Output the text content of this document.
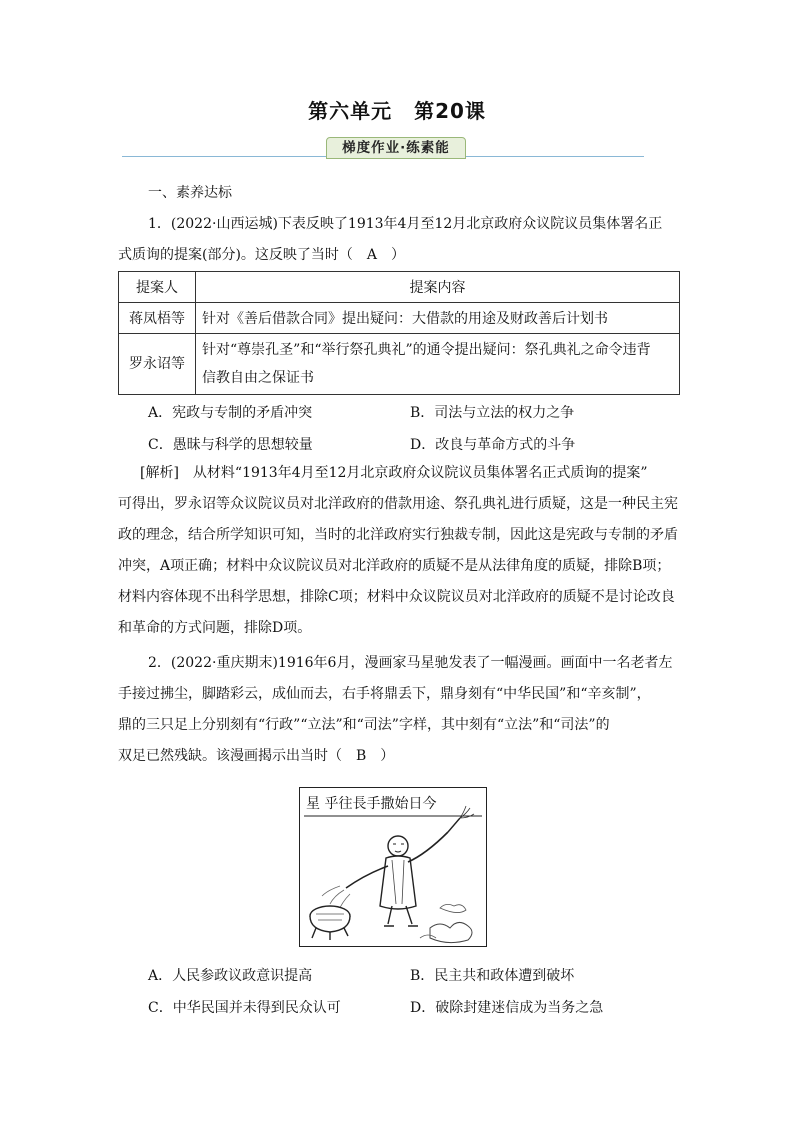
第六单元 第20课
梯度作业·练素能

一、素养达标

1．(2022·山西运城)下表反映了1913年4月至12月北京政府众议院议员集体署名正

式质询的提案(部分)。这反映了当时（　A　）

提案人	提案内容
蒋凤梧等	针对《善后借款合同》提出疑问：大借款的用途及财政善后计划书
罗永诏等	针对“尊崇孔圣”和“举行祭孔典礼”的通令提出疑问：祭孔典礼之命令违背
信教自由之保证书
A．宪政与专制的矛盾冲突	B．司法与立法的权力之争
C．愚昧与科学的思想较量	D．改良与革命方式的斗争

[解析]　从材料“1913年4月至12月北京政府众议院议员集体署名正式质询的提案”

可得出，罗永诏等众议院议员对北洋政府的借款用途、祭孔典礼进行质疑，这是一种民主宪

政的理念，结合所学知识可知，当时的北洋政府实行独裁专制，因此这是宪政与专制的矛盾

冲突，A项正确；材料中众议院议员对北洋政府的质疑不是从法律角度的质疑，排除B项；

材料内容体现不出科学思想，排除C项；材料中众议院议员对北洋政府的质疑不是讨论改良

和革命的方式问题，排除D项。

2．(2022·重庆期末)1916年6月，漫画家马星驰发表了一幅漫画。画面中一名老者左

手接过拂尘，脚踏彩云，成仙而去，右手将鼎丢下，鼎身刻有“中华民国”和“辛亥制”，

鼎的三只足上分别刻有“行政”“立法”和“司法”字样，其中刻有“立法”和“司法”的

双足已然残缺。该漫画揭示出当时（　B　）

星 乎往長手撒始日今
A．人民参政议政意识提高	B．民主共和政体遭到破坏
C．中华民国并未得到民众认可	D．破除封建迷信成为当务之急
